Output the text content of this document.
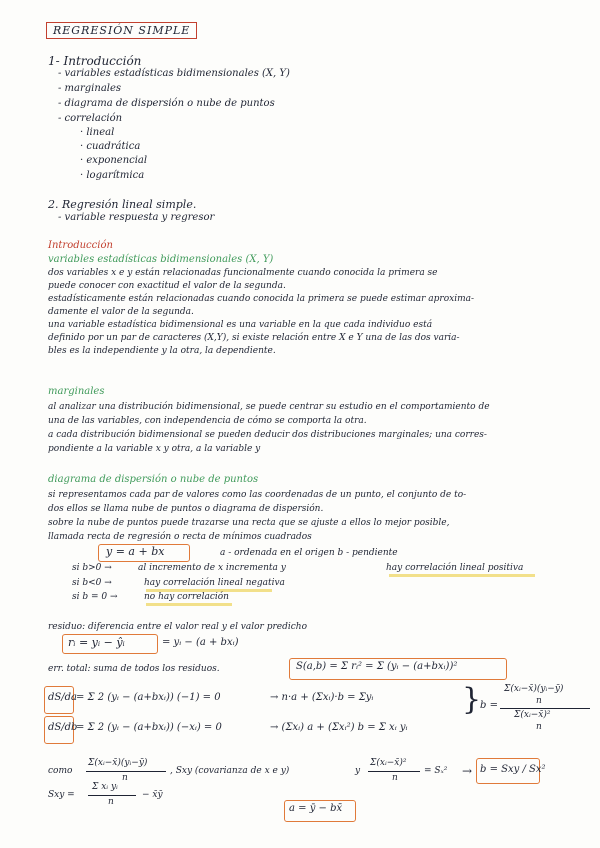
REGRESIÓN SIMPLE
1- Introducción
- variables estadísticas bidimensionales (X, Y)
- marginales
- diagrama de dispersión o nube de puntos
- correlación
· lineal
· cuadrática
· exponencial
· logarítmica
2. Regresión lineal simple.
- variable respuesta y regresor
Introducción
variables estadísticas bidimensionales (X, Y)
dos variables x e y están relacionadas funcionalmente cuando conocida la primera se
puede conocer con exactitud el valor de la segunda.
estadísticamente están relacionadas cuando conocida la primera se puede estimar aproxima-
damente el valor de la segunda.
una variable estadística bidimensional es una variable en la que cada individuo está
definido por un par de caracteres (X,Y), si existe relación entre X e Y una de las dos varia-
bles es la independiente y la otra, la dependiente.
marginales
al analizar una distribución bidimensional, se puede centrar su estudio en el comportamiento de
una de las variables, con independencia de cómo se comporta la otra.
a cada distribución bidimensional se pueden deducir dos distribuciones marginales; una corres-
pondiente a la variable x y otra, a la variable y
diagrama de dispersión o nube de puntos
si representamos cada par de valores como las coordenadas de un punto, el conjunto de to-
dos ellos se llama nube de puntos o diagrama de dispersión.
sobre la nube de puntos puede trazarse una recta que se ajuste a ellos lo mejor posible,
llamada recta de regresión o recta de mínimos cuadrados
y = a + bx	a - ordenada en el origen b - pendiente
si b>0 →	al incremento de x incrementa y	hay correlación lineal positiva
si b<0 →	hay correlación lineal negativa
si b = 0 →	no hay correlación
residuo: diferencia entre el valor real y el valor predicho
rᵢ = yᵢ − ŷᵢ	= yᵢ − (a + bxᵢ)
err. total: suma de todos los residuos.	S(a,b) = Σ rᵢ² = Σ (yᵢ − (a+bxᵢ))²
dS/da = Σ 2 (yᵢ − (a+bxᵢ)) (−1) = 0	→ n·a + (Σxᵢ)·b = Σyᵢ
dS/db
= Σ 2 (yᵢ − (a+bxᵢ)) (−xᵢ) = 0	→ (Σxᵢ) a + (Σxᵢ²) b = Σ xᵢ yᵢ
}
b =
Σ(xᵢ−x̄)(yᵢ−ȳ)
n
Σ(xᵢ−x̄)²
n
como
Σ(xᵢ−x̄)(yᵢ−ȳ)
n
, Sxy (covarianza de x e y)	y
Σ(xᵢ−x̄)²
n
= Sₓ² → b = Sxy / Sx²
Sxy =
Σ xᵢ yᵢ
n
− x̄ȳ
a = ȳ − bx̄
